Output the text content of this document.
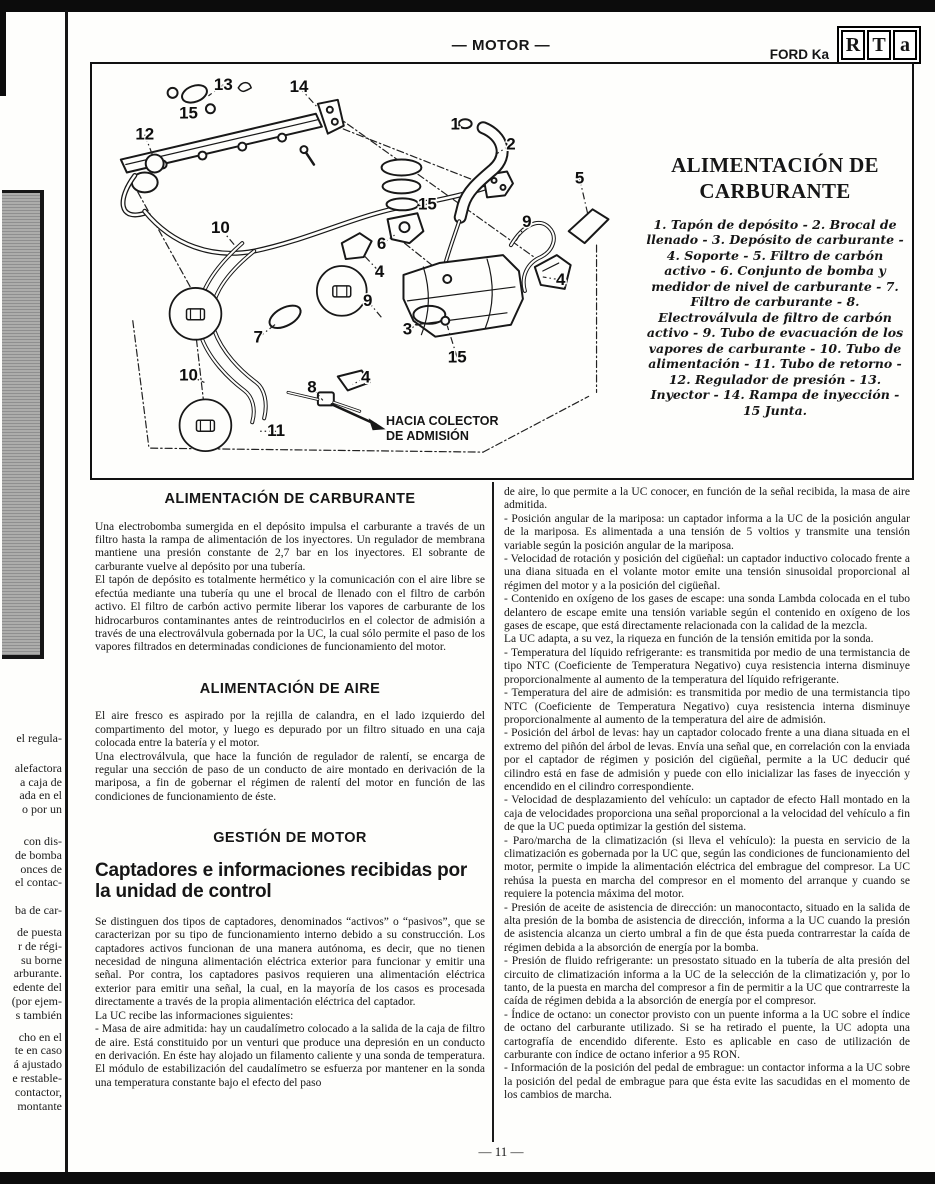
el regula-
alefactora
a caja de
ada en el
o por un
con dis-
de bomba
onces de
el contac-
ba de car-
de puesta
r de régi-
su borne
arburante.
edente del
(por ejem-
s también
cho en el
te en caso
á ajustado
e restable-
contactor,
montante
— MOTOR —
FORD Ka R T a
13	14
15
12
1
2
5
10
15
9
6
4	4
9
3
15
7
10	4
8
11
ALIMENTACIÓN DE
CARBURANTE
1. Tapón de depósito - 2. Brocal de llenado - 3. Depósito de carburante - 4. Soporte - 5. Filtro de carbón activo - 6. Conjunto de bomba y medidor de nivel de carburante - 7. Filtro de carburante - 8. Electroválvula de filtro de carbón activo - 9. Tubo de evacuación de los vapores de carburante - 10. Tubo de alimentación - 11. Tubo de retorno - 12. Regulador de presión - 13. Inyector - 14. Rampa de inyección - 15 Junta.
HACIA COLECTOR
DE ADMISIÓN
ALIMENTACIÓN DE CARBURANTE

Una electrobomba sumergida en el depósito impulsa el carburante a través de un filtro hasta la rampa de alimentación de los inyectores. Un regulador de membrana mantiene una presión constante de 2,7 bar en los inyectores. El sobrante de carburante vuelve al depósito por una tubería.

El tapón de depósito es totalmente hermético y la comunicación con el aire libre se efectúa mediante una tubería qu une el brocal de llenado con el filtro de carbón activo. El filtro de carbón activo permite liberar los vapores de carburante de los hidrocarburos contaminantes antes de reintroducirlos en el colector de admisión a través de una electroválvula gobernada por la UC, la cual sólo permite el paso de los vapores filtrados en determinadas condiciones de funcionamiento del motor.

ALIMENTACIÓN DE AIRE

El aire fresco es aspirado por la rejilla de calandra, en el lado izquierdo del compartimento del motor, y luego es depurado por un filtro situado en una caja colocada entre la batería y el motor.

Una electroválvula, que hace la función de regulador de ralentí, se encarga de regular una sección de paso de un conducto de aire montado en derivación de la mariposa, a fin de gobernar el régimen de ralentí del motor en función de las condiciones de funcionamiento de éste.

GESTIÓN DE MOTOR
Captadores e informaciones recibidas por la unidad de control

Se distinguen dos tipos de captadores, denominados “activos” o “pasivos”, que se caracterizan por su tipo de funcionamiento interno debido a su construcción. Los captadores activos funcionan de una manera autónoma, es decir, que no tienen necesidad de ninguna alimentación eléctrica exterior para funcionar y emitir una señal. Por contra, los captadores pasivos requieren una alimentación eléctrica exterior para emitir una señal, la cual, en la mayoría de los casos es procesada directamente a través de la propia alimentación eléctrica del captador.

La UC recibe las informaciones siguientes:

- Masa de aire admitida: hay un caudalímetro colocado a la salida de la caja de filtro de aire. Está constituido por un venturi que produce una depresión en un conducto en derivación. En éste hay alojado un filamento caliente y una sonda de temperatura. El módulo de estabilización del caudalímetro se esfuerza por mantener en la sonda una temperatura constante bajo el efecto del paso

de aire, lo que permite a la UC conocer, en función de la señal recibida, la masa de aire admitida.

- Posición angular de la mariposa: un captador informa a la UC de la posición angular de la mariposa. Es alimentada a una tensión de 5 voltios y transmite una tensión variable según la posición angular de la mariposa.

- Velocidad de rotación y posición del cigüeñal: un captador inductivo colocado frente a una diana situada en el volante motor emite una tensión sinusoidal proporcional al régimen del motor y a la posición del cigüeñal.

- Contenido en oxígeno de los gases de escape: una sonda Lambda colocada en el tubo delantero de escape emite una tensión variable según el contenido en oxígeno de los gases de escape, que está directamente relacionada con la calidad de la mezcla.

La UC adapta, a su vez, la riqueza en función de la tensión emitida por la sonda.

- Temperatura del líquido refrigerante: es transmitida por medio de una termistancia de tipo NTC (Coeficiente de Temperatura Negativo) cuya resistencia interna disminuye proporcionalmente al aumento de la temperatura del líquido refrigerante.

- Temperatura del aire de admisión: es transmitida por medio de una termistancia tipo NTC (Coeficiente de Temperatura Negativo) cuya resistencia interna disminuye proporcionalmente al aumento de la temperatura del aire de admisión.

- Posición del árbol de levas: hay un captador colocado frente a una diana situada en el extremo del piñón del árbol de levas. Envía una señal que, en correlación con la enviada por el captador de régimen y posición del cigüeñal, permite a la UC deducir qué cilindro está en fase de admisión y puede con ello inicializar las fases de inyección y encendido en el cilindro correspondiente.

- Velocidad de desplazamiento del vehículo: un captador de efecto Hall montado en la caja de velocidades proporciona una señal proporcional a la velocidad del vehículo a fin de que la UC pueda optimizar la gestión del sistema.

- Paro/marcha de la climatización (si lleva el vehículo): la puesta en servicio de la climatización es gobernada por la UC que, según las condiciones de funcionamiento del motor, permite o impide la alimentación eléctrica del embrague del compresor. La UC rehúsa la puesta en marcha del compresor en el momento del arranque y cuando se requiere la potencia máxima del motor.

- Presión de aceite de asistencia de dirección: un manocontacto, situado en la salida de alta presión de la bomba de asistencia de dirección, informa a la UC cuando la presión de asistencia alcanza un cierto umbral a fin de que ésta pueda contrarrestar la caída de régimen debida a la absorción de energía por la bomba.

- Presión de fluido refrigerante: un presostato situado en la tubería de alta presión del circuito de climatización informa a la UC de la selección de la climatización y, por lo tanto, de la puesta en marcha del compresor a fin de permitir a la UC que contrarreste la caída de régimen debida a la absorción de energía por el compresor.

- Índice de octano: un conector provisto con un puente informa a la UC sobre el índice de octano del carburante utilizado. Si se ha retirado el puente, la UC adopta una cartografía de encendido diferente. Esto es aplicable en caso de utilización de carburante con índice de octano inferior a 95 RON.

- Información de la posición del pedal de embrague: un contactor informa a la UC sobre la posición del pedal de embrague para que ésta evite las sacudidas en el momento de los cambios de marcha.

— 11 —
